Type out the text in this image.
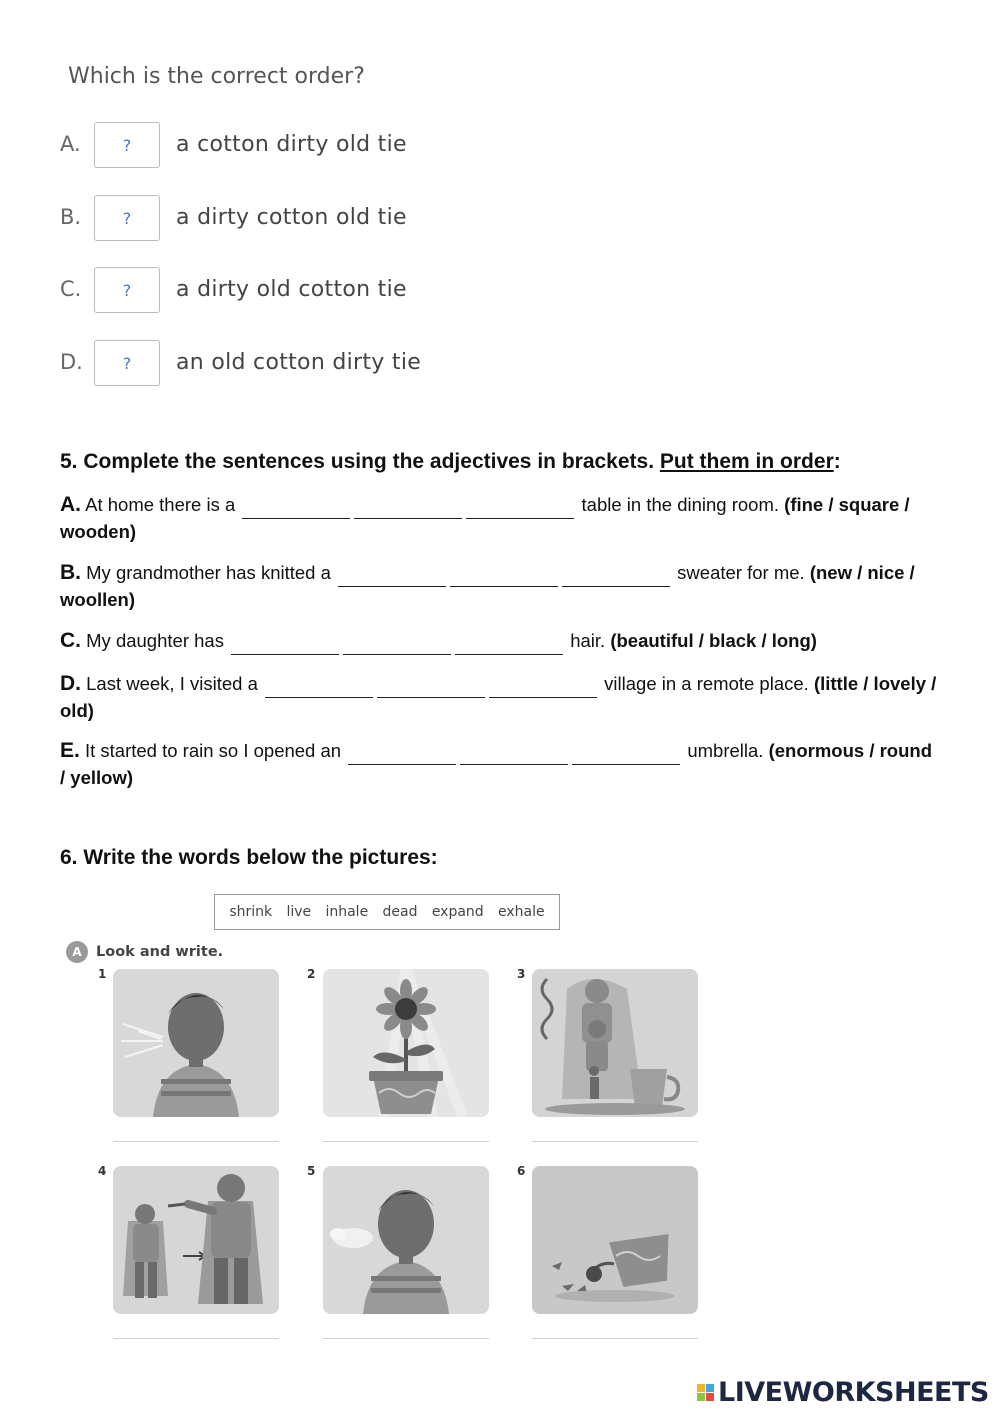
Which is the correct order?
A.	?	a cotton dirty old tie
B.	?	a dirty cotton old tie
C.	?	a dirty old cotton tie
D.	?	an old cotton dirty tie
5. Complete the sentences using the adjectives in brackets. Put them in order:
A. At home there is a	table in the dining room. (fine / square / wooden)
B. My grandmother has knitted a	sweater for me. (new / nice / woollen)
C. My daughter has	hair. (beautiful / black / long)
D. Last week, I visited a	village in a remote place. (little / lovely / old)
E. It started to rain so I opened an	umbrella. (enormous / round / yellow)
6. Write the words below the pictures:
shrink live inhale dead expand exhale
A Look and write.
1	2	3
4	5	6
LIVEWORKSHEETS
